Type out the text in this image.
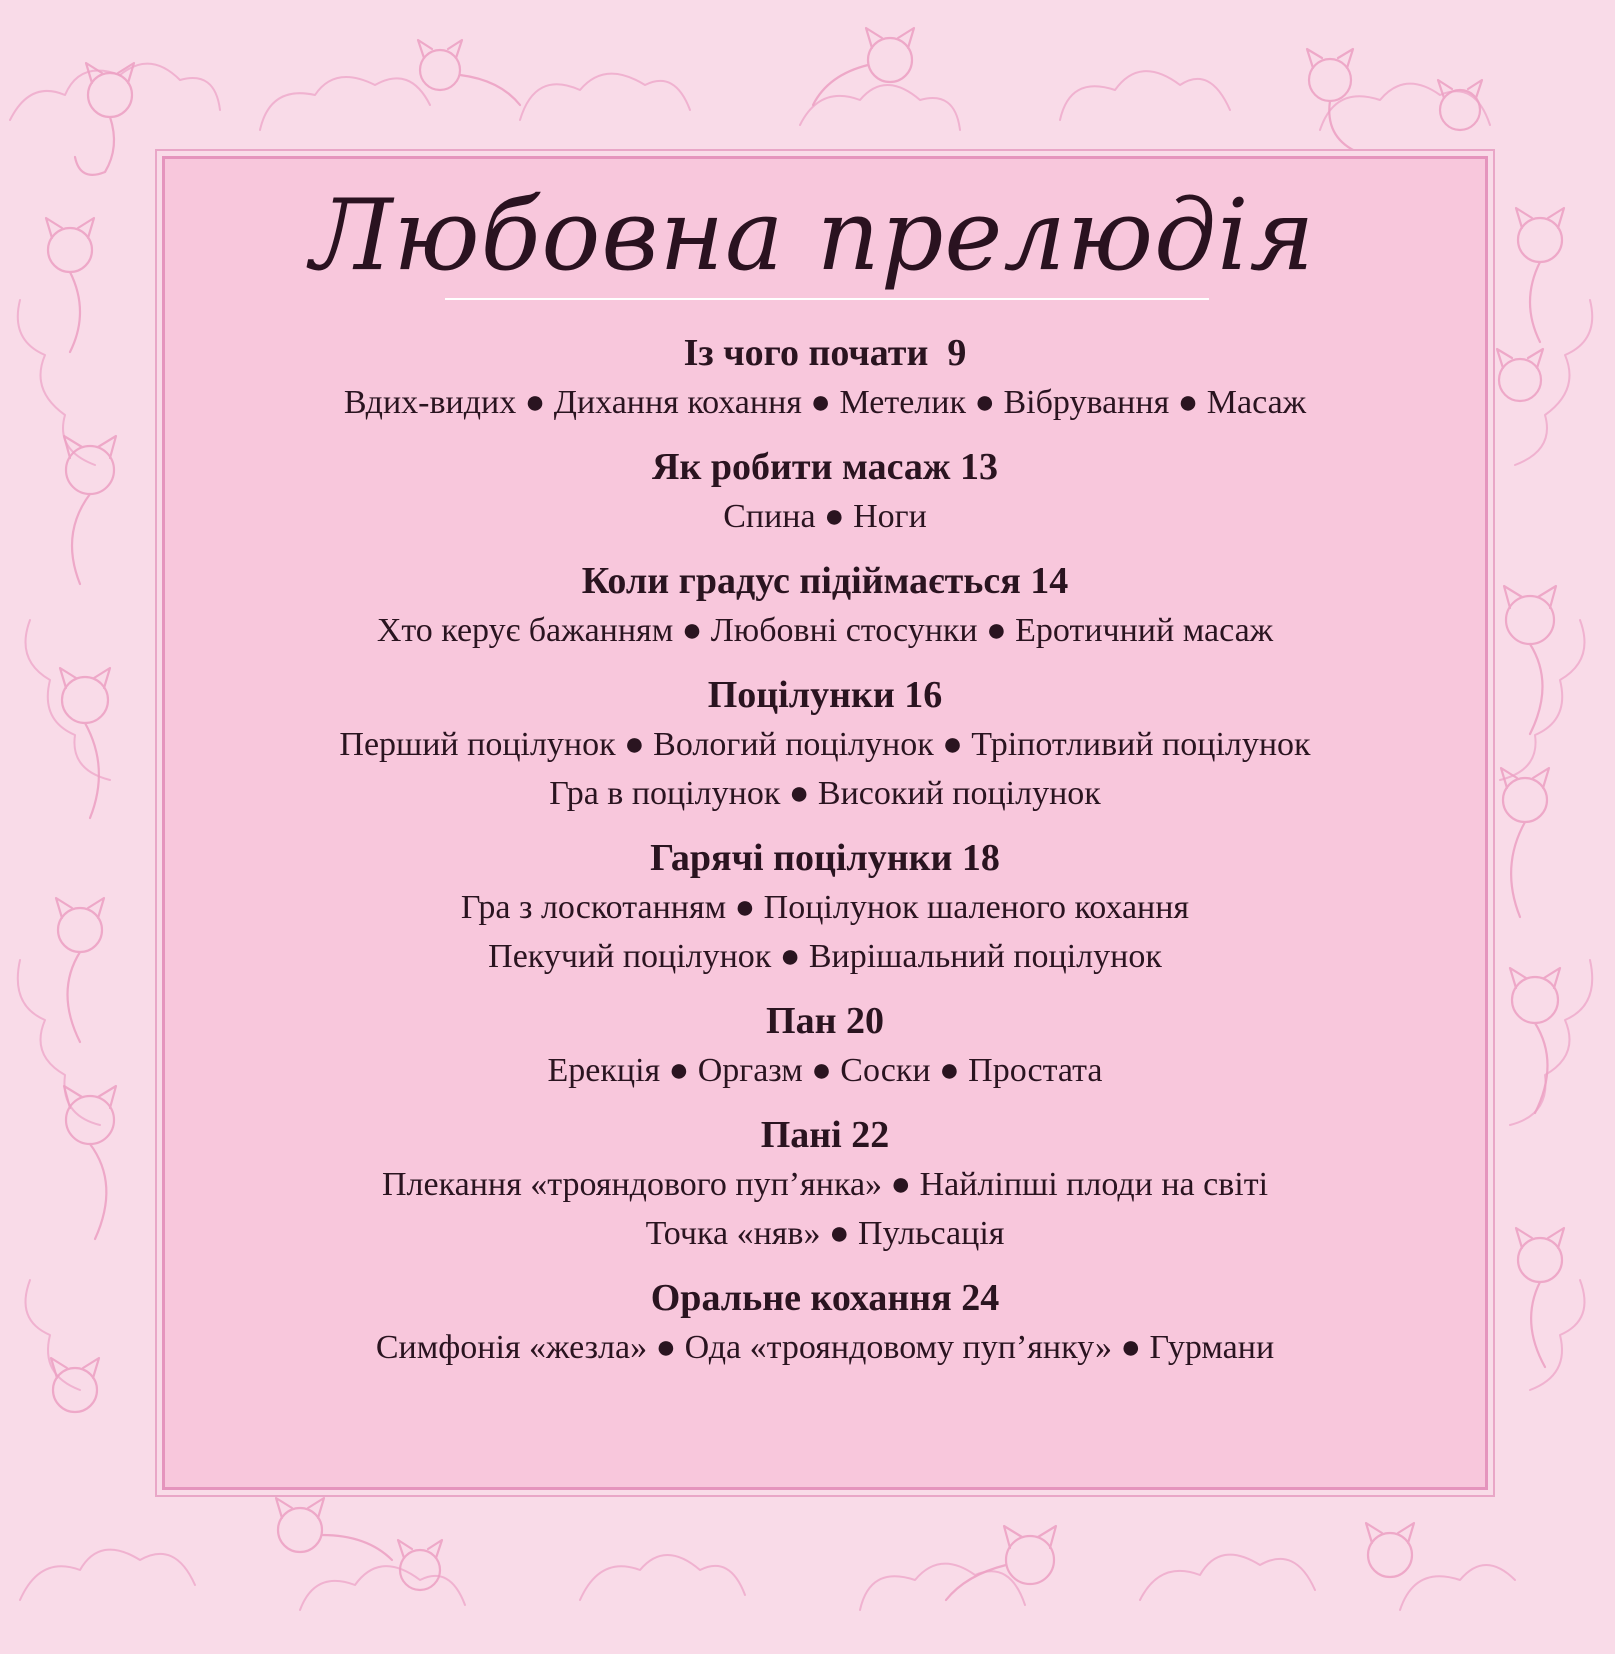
Любовна прелюдія
Із чого почати  9
Вдих-видих ● Дихання кохання ● Метелик ● Вібрування ● Масаж
Як робити масаж 13
Спина ● Ноги
Коли градус підіймається 14
Хто керує бажанням ● Любовні стосунки ● Еротичний масаж
Поцілунки 16
Перший поцілунок ● Вологий поцілунок ● Тріпотливий поцілунок
Гра в поцілунок ● Високий поцілунок
Гарячі поцілунки 18
Гра з лоскотанням ● Поцілунок шаленого кохання
Пекучий поцілунок ● Вирішальний поцілунок
Пан 20
Ерекція ● Оргазм ● Соски ● Простата
Пані 22
Плекання «трояндового пуп’янка» ● Найліпші плоди на світі
Точка «няв» ● Пульсація
Оральне кохання 24
Симфонія «жезла» ● Ода «трояндовому пуп’янку» ● Гурмани
